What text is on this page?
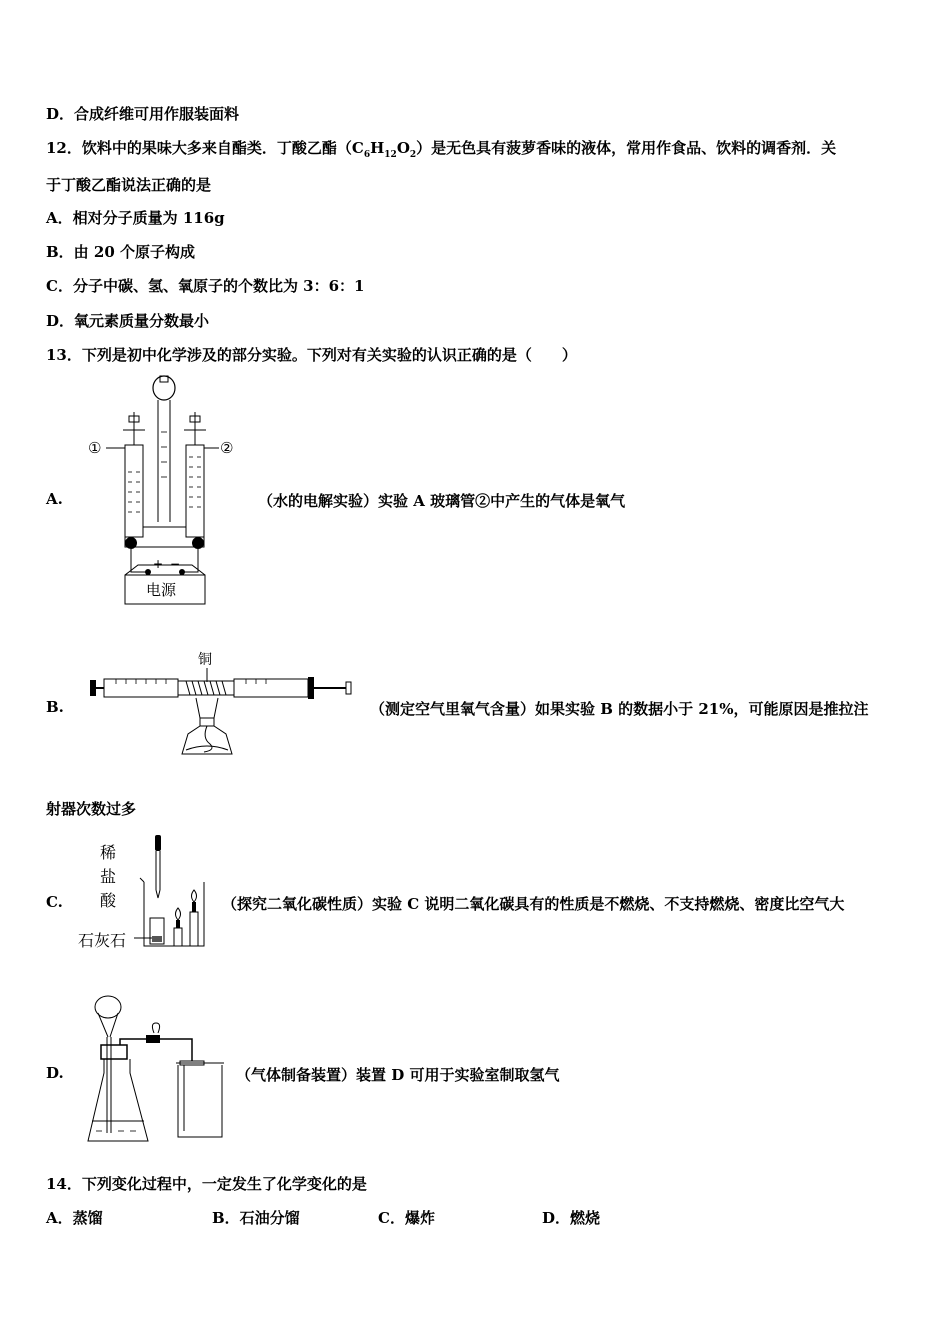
D．合成纤维可用作服装面料
12．饮料中的果味大多来自酯类．丁酸乙酯$(C_6H_{12}O_2)$是无色具有菠萝香味的液体，常用作食品、饮料的调香剂．关
于丁酸乙酯说法正确的是
A．相对分子质量为 116g
B．由 20 个原子构成
C．分子中碳、氢、氧原子的个数比为 3：6：1
D．氧元素质量分数最小
13．下列是初中化学涉及的部分实验。下列对有关实验的认识正确的是（　　）
A.
①	②
+ −
电源
（水的电解实验）实验 A 玻璃管②中产生的气体是氧气
B.
铜
（测定空气里氧气含量）如果实验 B 的数据小于 21%，可能原因是推拉注
射器次数过多
C.
稀
盐
酸
石灰石
（探究二氧化碳性质）实验 C 说明二氧化碳具有的性质是不燃烧、不支持燃烧、密度比空气大
D.	（气体制备装置）装置 D 可用于实验室制取氢气
14．下列变化过程中，一定发生了化学变化的是
A．蒸馏	B．石油分馏	C．爆炸	D．燃烧
